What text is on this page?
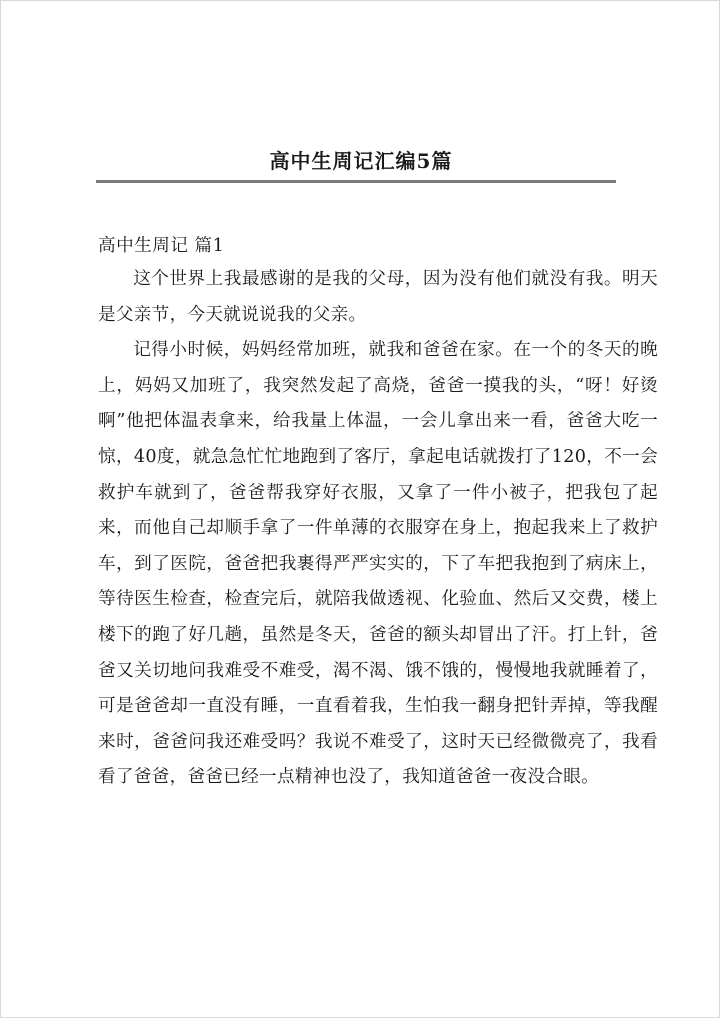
高中生周记汇编5篇
高中生周记 篇1

这个世界上我最感谢的是我的父母，因为没有他们就没有我。明天是父亲节，今天就说说我的父亲。

记得小时候，妈妈经常加班，就我和爸爸在家。在一个的冬天的晚上，妈妈又加班了，我突然发起了高烧，爸爸一摸我的头，“呀！好烫啊”他把体温表拿来，给我量上体温，一会儿拿出来一看，爸爸大吃一惊，40度，就急急忙忙地跑到了客厅，拿起电话就拨打了120，不一会救护车就到了，爸爸帮我穿好衣服，又拿了一件小被子，把我包了起来，而他自己却顺手拿了一件单薄的衣服穿在身上，抱起我来上了救护车，到了医院，爸爸把我裹得严严实实的，下了车把我抱到了病床上，等待医生检查，检查完后，就陪我做透视、化验血、然后又交费，楼上楼下的跑了好几趟，虽然是冬天，爸爸的额头却冒出了汗。打上针，爸爸又关切地问我难受不难受，渴不渴、饿不饿的，慢慢地我就睡着了，可是爸爸却一直没有睡，一直看着我，生怕我一翻身把针弄掉，等我醒来时，爸爸问我还难受吗？我说不难受了，这时天已经微微亮了，我看看了爸爸，爸爸已经一点精神也没了，我知道爸爸一夜没合眼。
